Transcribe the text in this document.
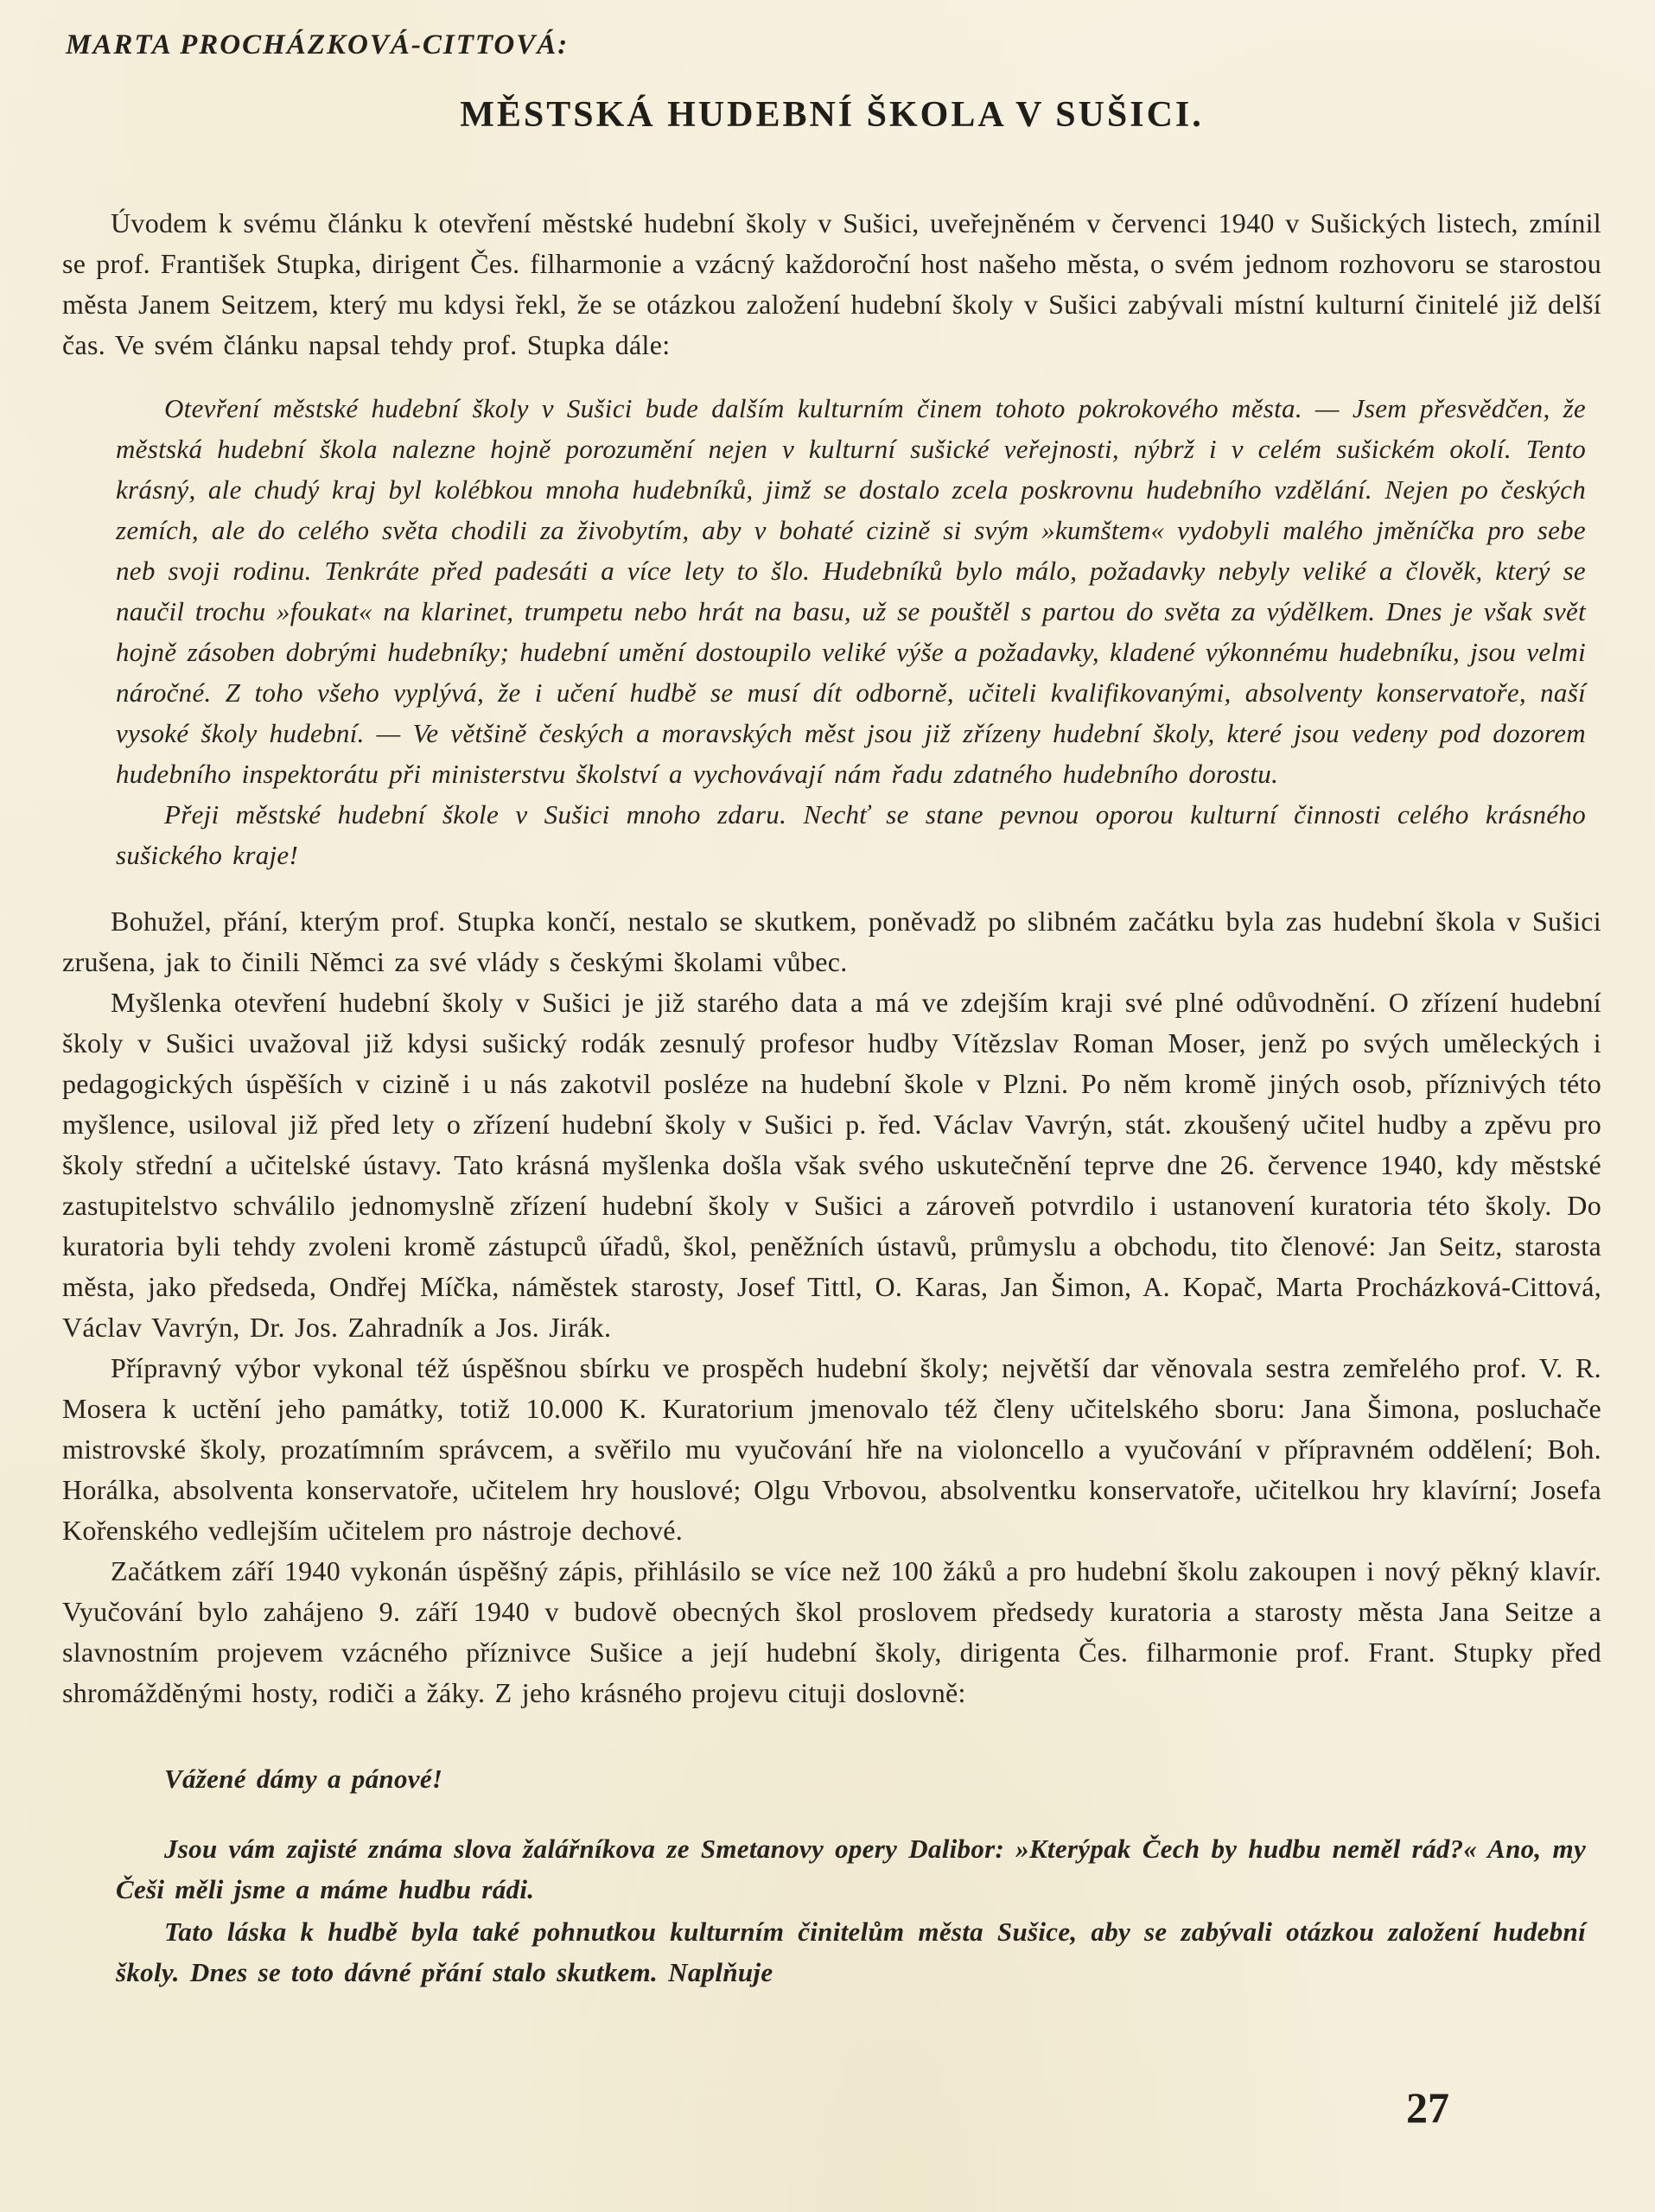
MARTA PROCHÁZKOVÁ-CITTOVÁ:
MĚSTSKÁ HUDEBNÍ ŠKOLA V SUŠICI.

Úvodem k svému článku k otevření městské hudební školy v Sušici, uveřejněném v červenci 1940 v Sušických listech, zmínil se prof. František Stupka, dirigent Čes. filharmonie a vzácný každoroční host našeho města, o svém jednom rozhovoru se starostou města Janem Seitzem, který mu kdysi řekl, že se otázkou založení hudební školy v Sušici zabývali místní kulturní činitelé již delší čas. Ve svém článku napsal tehdy prof. Stupka dále:

Otevření městské hudební školy v Sušici bude dalším kulturním činem tohoto pokrokového města. — Jsem přesvědčen, že městská hudební škola nalezne hojně porozumění nejen v kulturní sušické veřejnosti, nýbrž i v celém sušickém okolí. Tento krásný, ale chudý kraj byl kolébkou mnoha hudebníků, jimž se dostalo zcela poskrovnu hudebního vzdělání. Nejen po českých zemích, ale do celého světa chodili za živobytím, aby v bohaté cizině si svým »kumštem« vydobyli malého jměníčka pro sebe neb svoji rodinu. Tenkráte před padesáti a více lety to šlo. Hudebníků bylo málo, požadavky nebyly veliké a člověk, který se naučil trochu »foukat« na klarinet, trumpetu nebo hrát na basu, už se pouštěl s partou do světa za výdělkem. Dnes je však svět hojně zásoben dobrými hudebníky; hudební umění dostoupilo veliké výše a požadavky, kladené výkonnému hudebníku, jsou velmi náročné. Z toho všeho vyplývá, že i učení hudbě se musí dít odborně, učiteli kvalifikovanými, absolventy konservatoře, naší vysoké školy hudební. — Ve většině českých a moravských měst jsou již zřízeny hudební školy, které jsou vedeny pod dozorem hudebního inspektorátu při ministerstvu školství a vychovávají nám řadu zdatného hudebního dorostu.

Přeji městské hudební škole v Sušici mnoho zdaru. Nechť se stane pevnou oporou kulturní činnosti celého krásného sušického kraje!

Bohužel, přání, kterým prof. Stupka končí, nestalo se skutkem, poněvadž po slibném začátku byla zas hudební škola v Sušici zrušena, jak to činili Němci za své vlády s českými školami vůbec.

Myšlenka otevření hudební školy v Sušici je již starého data a má ve zdejším kraji své plné odůvodnění. O zřízení hudební školy v Sušici uvažoval již kdysi sušický rodák zesnulý profesor hudby Vítězslav Roman Moser, jenž po svých uměleckých i pedagogických úspěších v cizině i u nás zakotvil posléze na hudební škole v Plzni. Po něm kromě jiných osob, příznivých této myšlence, usiloval již před lety o zřízení hudební školy v Sušici p. řed. Václav Vavrýn, stát. zkoušený učitel hudby a zpěvu pro školy střední a učitelské ústavy. Tato krásná myšlenka došla však svého uskutečnění teprve dne 26. července 1940, kdy městské zastupitelstvo schválilo jednomyslně zřízení hudební školy v Sušici a zároveň potvrdilo i ustanovení kuratoria této školy. Do kuratoria byli tehdy zvoleni kromě zástupců úřadů, škol, peněžních ústavů, průmyslu a obchodu, tito členové: Jan Seitz, starosta města, jako předseda, Ondřej Míčka, náměstek starosty, Josef Tittl, O. Karas, Jan Šimon, A. Kopač, Marta Procházková-Cittová, Václav Vavrýn, Dr. Jos. Zahradník a Jos. Jirák.

Přípravný výbor vykonal též úspěšnou sbírku ve prospěch hudební školy; největší dar věnovala sestra zemřelého prof. V. R. Mosera k uctění jeho památky, totiž 10.000 K. Kuratorium jmenovalo též členy učitelského sboru: Jana Šimona, posluchače mistrovské školy, prozatímním správcem, a svěřilo mu vyučování hře na violoncello a vyučování v přípravném oddělení; Boh. Horálka, absolventa konservatoře, učitelem hry houslové; Olgu Vrbovou, absolventku konservatoře, učitelkou hry klavírní; Josefa Kořenského vedlejším učitelem pro nástroje dechové.

Začátkem září 1940 vykonán úspěšný zápis, přihlásilo se více než 100 žáků a pro hudební školu zakoupen i nový pěkný klavír. Vyučování bylo zahájeno 9. září 1940 v budově obecných škol proslovem předsedy kuratoria a starosty města Jana Seitze a slavnostním projevem vzácného příznivce Sušice a její hudební školy, dirigenta Čes. filharmonie prof. Frant. Stupky před shromážděnými hosty, rodiči a žáky. Z jeho krásného projevu cituji doslovně:

Vážené dámy a pánové!

Jsou vám zajisté známa slova žalářníkova ze Smetanovy opery Dalibor: »Kterýpak Čech by hudbu neměl rád?« Ano, my Češi měli jsme a máme hudbu rádi.

Tato láska k hudbě byla také pohnutkou kulturním činitelům města Sušice, aby se zabývali otázkou založení hudební školy. Dnes se toto dávné přání stalo skutkem. Naplňuje

27
